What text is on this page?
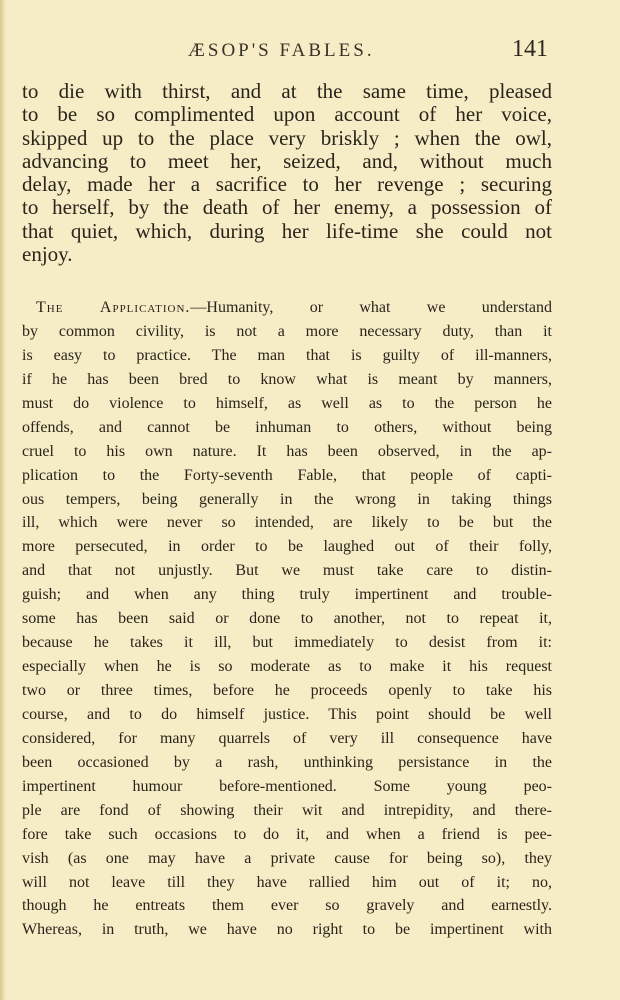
ÆSOP'S FABLES.	141
to die with thirst, and at the same time, pleased
to be so complimented upon account of her voice,
skipped up to the place very briskly ; when the owl,
advancing to meet her, seized, and, without much
delay, made her a sacrifice to her revenge ; securing
to herself, by the death of her enemy, a possession of
that quiet, which, during her life-time she could not
enjoy.
The Application.—Humanity, or what we understand
by common civility, is not a more necessary duty, than it
is easy to practice. The man that is guilty of ill-manners,
if he has been bred to know what is meant by manners,
must do violence to himself, as well as to the person he
offends, and cannot be inhuman to others, without being
cruel to his own nature. It has been observed, in the ap-
plication to the Forty-seventh Fable, that people of capti-
ous tempers, being generally in the wrong in taking things
ill, which were never so intended, are likely to be but the
more persecuted, in order to be laughed out of their folly,
and that not unjustly. But we must take care to distin-
guish; and when any thing truly impertinent and trouble-
some has been said or done to another, not to repeat it,
because he takes it ill, but immediately to desist from it:
especially when he is so moderate as to make it his request
two or three times, before he proceeds openly to take his
course, and to do himself justice. This point should be well
considered, for many quarrels of very ill consequence have
been occasioned by a rash, unthinking persistance in the
impertinent humour before-mentioned. Some young peo-
ple are fond of showing their wit and intrepidity, and there-
fore take such occasions to do it, and when a friend is pee-
vish (as one may have a private cause for being so), they
will not leave till they have rallied him out of it; no,
though he entreats them ever so gravely and earnestly.
Whereas, in truth, we have no right to be impertinent with
